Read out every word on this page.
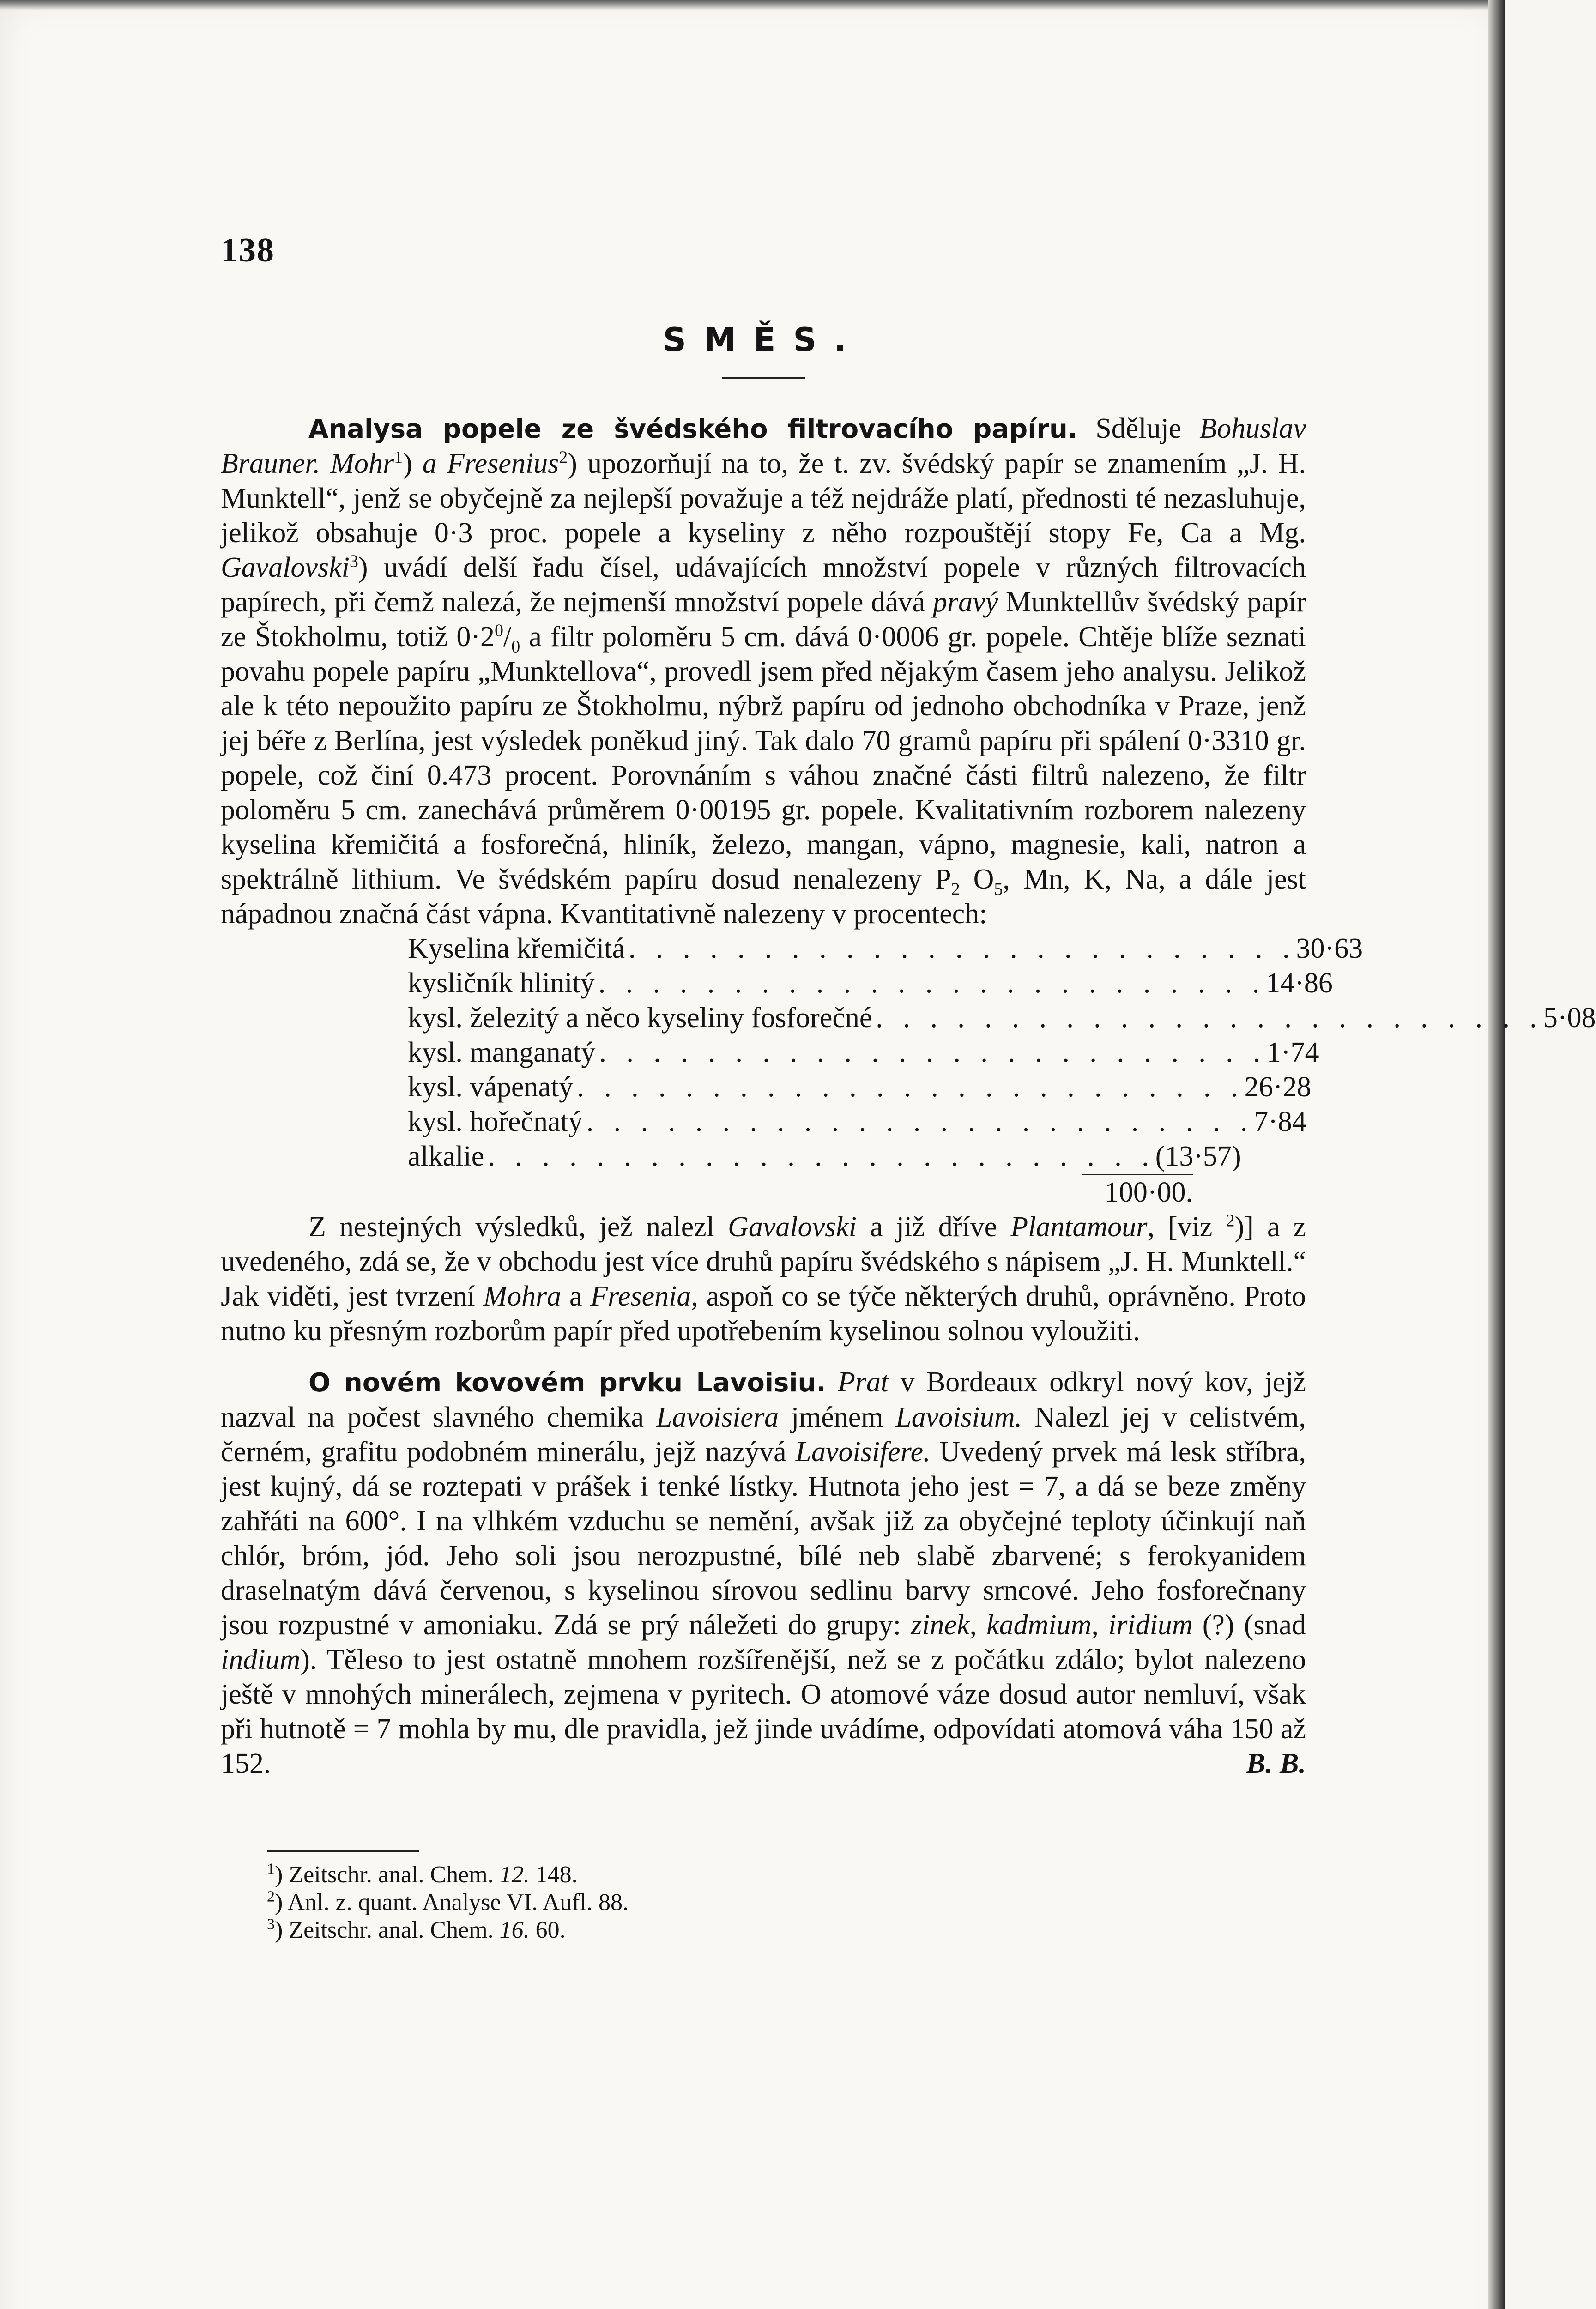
138
SMĚS.

Analysa popele ze švédského filtrovacího papíru. Sděluje Bohuslav Brauner. Mohr$^1$) a Fresenius$^2$) upozorňují na to, že t. zv. švédský papír se znamením „J. H. Munktell“, jenž se obyčejně za nejlepší považuje a též nejdráže platí, přednosti té nezasluhuje, jelikož obsahuje 0·3 proc. popele a kyseliny z něho rozpouštějí stopy Fe, Ca a Mg. Gavalovski$^3$) uvádí delší řadu čísel, udávajících množství popele v různých filtrovacích papírech, při čemž nalezá, že nejmenší množství popele dává pravý Munktellův švédský papír ze Štokholmu, totiž $0\cdot 2^0/_0$ a filtr poloměru 5 cm. dává 0·0006 gr. popele. Chtěje blíže seznati povahu popele papíru „Munktellova“, provedl jsem před nějakým časem jeho analysu. Jelikož ale k této nepoužito papíru ze Štokholmu, nýbrž papíru od jednoho obchodníka v Praze, jenž jej béře z Berlína, jest výsledek poněkud jiný. Tak dalo 70 gramů papíru při spálení 0·3310 gr. popele, což činí 0.473 procent. Porovnáním s váhou značné části filtrů nalezeno, že filtr poloměru 5 cm. zanechává průměrem 0·00195 gr. popele. Kvalitativním rozborem nalezeny kyselina křemičitá a fosforečná, hliník, železo, mangan, vápno, magnesie, kali, natron a spektrálně lithium. Ve švédském papíru dosud nenalezeny $P_2$ $O_5$, Mn, K, Na, a dále jest nápadnou značná část vápna. Kvantitativně nalezeny v procentech:

Kyselina křemičitá . . . . . . . . . . . . . . . . . . . . . . . . . 30·63
kysličník hlinitý . . . . . . . . . . . . . . . . . . . . . . . . . 14·86
kysl. železitý a něco kyseliny fosforečné . . . . . . . . . . . . . . . . . . . . . . . . . 5·08
kysl. manganatý . . . . . . . . . . . . . . . . . . . . . . . . . 1·74
kysl. vápenatý . . . . . . . . . . . . . . . . . . . . . . . . . 26·28
kysl. hořečnatý . . . . . . . . . . . . . . . . . . . . . . . . . 7·84
alkalie . . . . . . . . . . . . . . . . . . . . . . . . . (13·57)
100·00.

Z nestejných výsledků, jež nalezl Gavalovski a již dříve Plantamour, [viz $^2$)] a z uvedeného, zdá se, že v obchodu jest více druhů papíru švédského s nápisem „J. H. Munktell.“ Jak viděti, jest tvrzení Mohra a Fresenia, aspoň co se týče některých druhů, oprávněno. Proto nutno ku přesným rozborům papír před upotřebením kyselinou solnou vyloužiti.

O novém kovovém prvku Lavoisiu. Prat v Bordeaux odkryl nový kov, jejž nazval na počest slavného chemika Lavoisiera jménem Lavoisium. Nalezl jej v celistvém, černém, grafitu podobném minerálu, jejž nazývá Lavoisifere. Uvedený prvek má lesk stříbra, jest kujný, dá se roztepati v prášek i tenké lístky. Hutnota jeho jest = 7, a dá se beze změny zahřáti na 600°. I na vlhkém vzduchu se nemění, avšak již za obyčejné teploty účinkují naň chlór, bróm, jód. Jeho soli jsou nerozpustné, bílé neb slabě zbarvené; s ferokyanidem draselnatým dává červenou, s kyselinou sírovou sedlinu barvy srncové. Jeho fosforečnany jsou rozpustné v amoniaku. Zdá se prý náležeti do grupy: zinek, kadmium, iridium (?) (snad indium). Těleso to jest ostatně mnohem rozšířenější, než se z počátku zdálo; bylot nalezeno ještě v mnohých minerálech, zejmena v pyritech. O atomové váze dosud autor nemluví, však při hutnotě = 7 mohla by mu, dle pravidla, jež jinde uvádíme, odpovídati atomová váha 150 až 152.	B. B.

$^1$) Zeitschr. anal. Chem. 12. 148.
$^2$) Anl. z. quant. Analyse VI. Aufl. 88.
$^3$) Zeitschr. anal. Chem. 16. 60.
